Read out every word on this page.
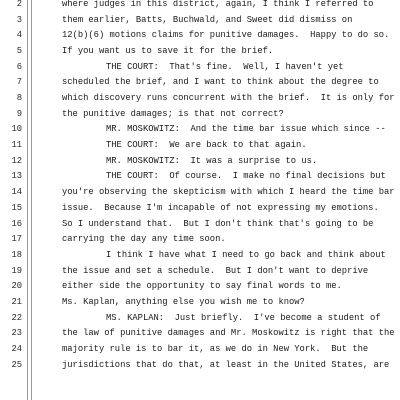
2	where judges in this district, again, I think I referred to
3	them earlier, Batts, Buchwald, and Sweet did dismiss on
4	12(b)(6) motions claims for punitive damages.  Happy to do so.
5	If you want us to save it for the brief.
6	THE COURT:  That's fine.  Well, I haven't yet
7	scheduled the brief, and I want to think about the degree to
8	which discovery runs concurrent with the brief.  It is only for
9	the punitive damages; is that not correct?
10	MR. MOSKOWITZ:  And the time bar issue which since --
11	THE COURT:  We are back to that again.
12	MR. MOSKOWITZ:  It was a surprise to us.
13	THE COURT:  Of course.  I make no final decisions but
14	you're observing the skepticism with which I heard the time bar
15	issue.  Because I'm incapable of not expressing my emotions.
16	So I understand that.  But I don't think that's going to be
17	carrying the day any time soon.
18	I think I have what I need to go back and think about
19	the issue and set a schedule.  But I don't want to deprive
20	either side the opportunity to say final words to me.
21	Ms. Kaplan, anything else you wish me to know?
22	MS. KAPLAN:  Just briefly.  I've become a student of
23	the law of punitive damages and Mr. Moskowitz is right that the
24	majority rule is to bar it, as we do in New York.  But the
25	jurisdictions that do that, at least in the United States, are
